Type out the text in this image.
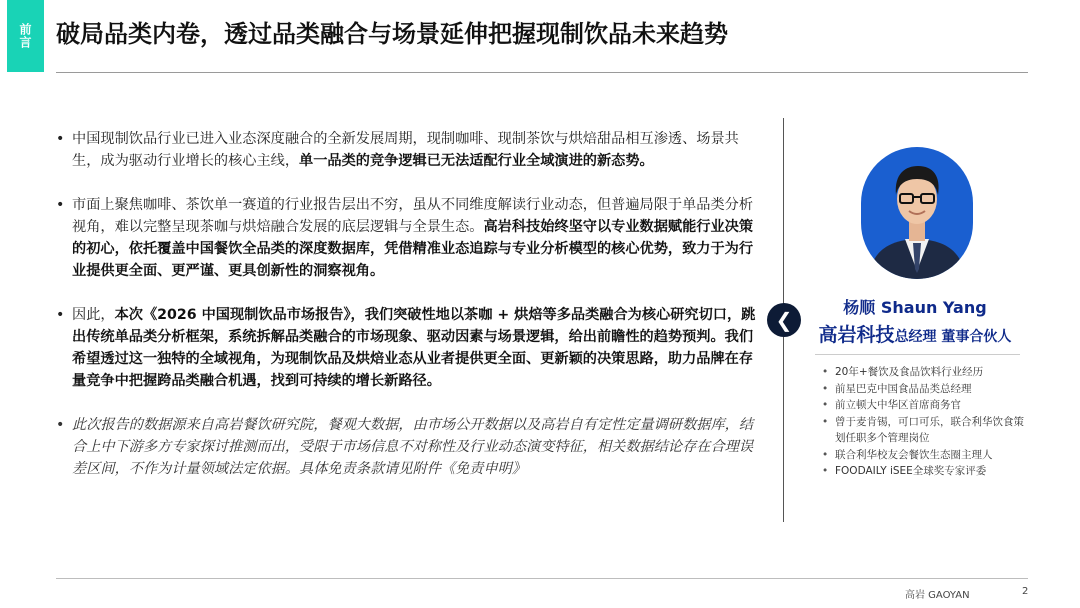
前言 破局品类内卷，透过品类融合与场景延伸把握现制饮品未来趋势

• 中国现制饮品行业已进入业态深度融合的全新发展周期，现制咖啡、现制茶饮与烘焙甜品相互渗透、场景共生，成为驱动行业增长的核心主线，单一品类的竞争逻辑已无法适配行业全域演进的新态势。

• 市面上聚焦咖啡、茶饮单一赛道的行业报告层出不穷，虽从不同维度解读行业动态，但普遍局限于单品类分析视角，难以完整呈现茶咖与烘焙融合发展的底层逻辑与全景生态。高岩科技始终坚守以专业数据赋能行业决策的初心，依托覆盖中国餐饮全品类的深度数据库，凭借精准业态追踪与专业分析模型的核心优势，致力于为行业提供更全面、更严谨、更具创新性的洞察视角。

• 因此，本次《2026 中国现制饮品市场报告》，我们突破性地以茶咖 + 烘焙等多品类融合为核心研究切口，跳出传统单品类分析框架，系统拆解品类融合的市场现象、驱动因素与场景逻辑，给出前瞻性的趋势预判。我们希望透过这一独特的全域视角，为现制饮品及烘焙业态从业者提供更全面、更新颖的决策思路，助力品牌在存量竞争中把握跨品类融合机遇，找到可持续的增长新路径。

• 此次报告的数据源来自高岩餐饮研究院，餐观大数据，由市场公开数据以及高岩自有定性定量调研数据库，结合上中下游多方专家探讨推测而出，受限于市场信息不对称性及行业动态演变特征，相关数据结论存在合理误差区间，不作为计量领域法定依据。具体免责条款请见附件《免责申明》

❮
杨顺 Shaun Yang
高岩科技总经理 董事合伙人
• 20年+餐饮及食品饮料行业经历
• 前星巴克中国食品品类总经理
• 前立顿大中华区首席商务官
• 曾于麦肯锡，可口可乐，联合利华饮食策划任职多个管理岗位
• 联合利华校友会餐饮生态圈主理人
• FOODAILY iSEE全球奖专家评委
高岩 GAOYAN	2
